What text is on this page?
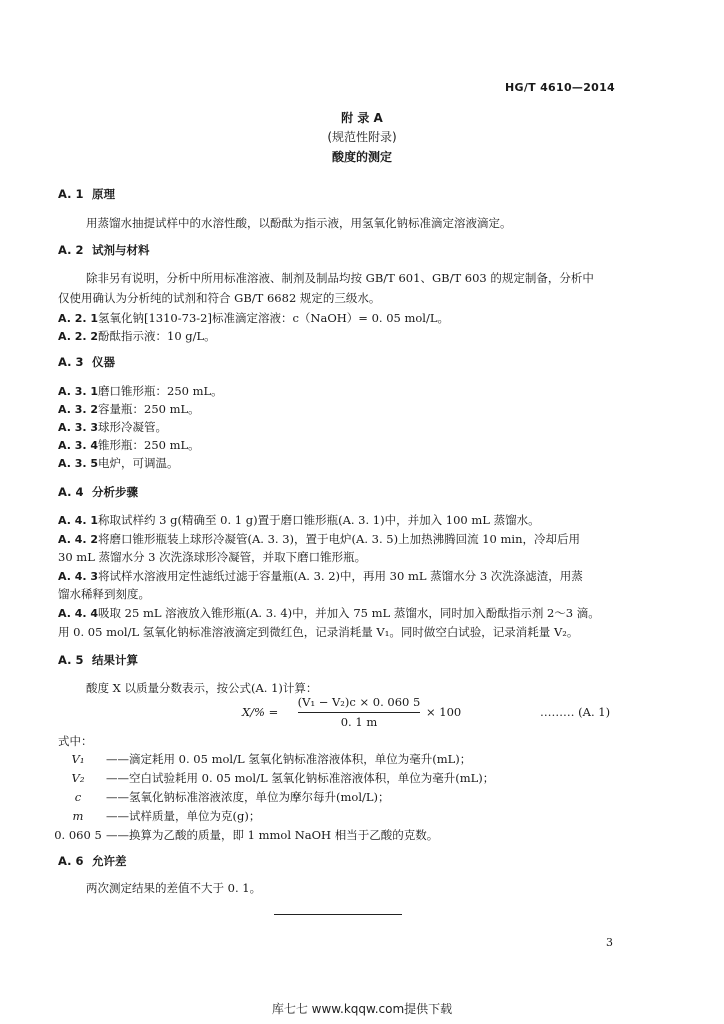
HG/T 4610—2014
附 录 A
(规范性附录)
酸度的测定
A. 1 原理
用蒸馏水抽提试样中的水溶性酸，以酚酞为指示液，用氢氧化钠标准滴定溶液滴定。
A. 2 试剂与材料
除非另有说明，分析中所用标准溶液、制剂及制品均按 GB/T 601、GB/T 603 的规定制备，分析中
仅使用确认为分析纯的试剂和符合 GB/T 6682 规定的三级水。
A. 2. 1氢氧化钠[1310-73-2]标准滴定溶液：c（NaOH）= 0. 05 mol/L。
A. 2. 2酚酞指示液：10 g/L。
A. 3 仪器
A. 3. 1磨口锥形瓶：250 mL。
A. 3. 2容量瓶：250 mL。
A. 3. 3球形冷凝管。
A. 3. 4锥形瓶：250 mL。
A. 3. 5电炉，可调温。
A. 4 分析步骤
A. 4. 1称取试样约 3 g(精确至 0. 1 g)置于磨口锥形瓶(A. 3. 1)中，并加入 100 mL 蒸馏水。
A. 4. 2将磨口锥形瓶装上球形冷凝管(A. 3. 3)，置于电炉(A. 3. 5)上加热沸腾回流 10 min，冷却后用
30 mL 蒸馏水分 3 次洗涤球形冷凝管，并取下磨口锥形瓶。
A. 4. 3将试样水溶液用定性滤纸过滤于容量瓶(A. 3. 2)中，再用 30 mL 蒸馏水分 3 次洗涤滤渣，用蒸
馏水稀释到刻度。
A. 4. 4吸取 25 mL 溶液放入锥形瓶(A. 3. 4)中，并加入 75 mL 蒸馏水，同时加入酚酞指示剂 2～3 滴。
用 0. 05 mol/L 氢氧化钠标准溶液滴定到微红色，记录消耗量 V₁。同时做空白试验，记录消耗量 V₂。
A. 5 结果计算
酸度 X 以质量分数表示，按公式(A. 1)计算：
X/% =
(V₁ − V₂)c × 0. 060 5
0. 1 m
× 100	……… (A. 1)
式中：
V₁ ——滴定耗用 0. 05 mol/L 氢氧化钠标准溶液体积，单位为毫升(mL)；
V₂ ——空白试验耗用 0. 05 mol/L 氢氧化钠标准溶液体积，单位为毫升(mL)；
c ——氢氧化钠标准溶液浓度，单位为摩尔每升(mol/L)；
m ——试样质量，单位为克(g)；
0. 060 5 ——换算为乙酸的质量，即 1 mmol NaOH 相当于乙酸的克数。
A. 6 允许差
两次测定结果的差值不大于 0. 1。
3
库七七 www.kqqw.com提供下载
